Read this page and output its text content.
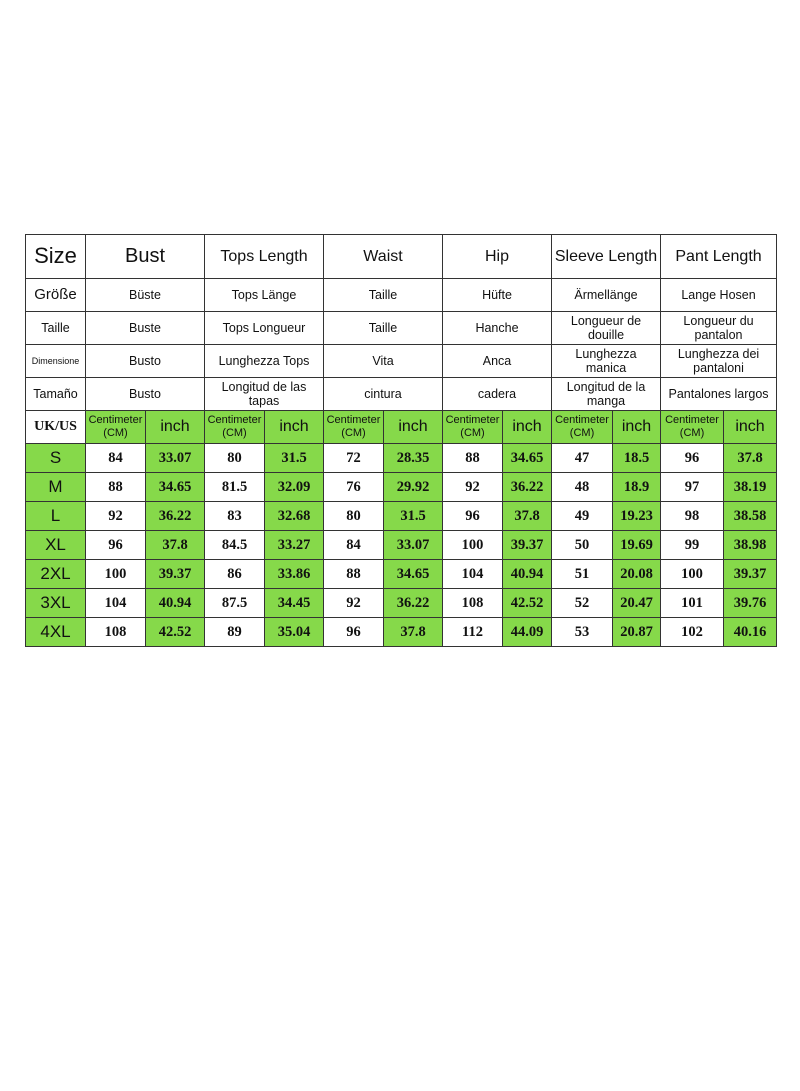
Size	Bust		Tops Length		Waist		Hip		Sleeve Length		Pant Length	
Größe	Büste		Tops Länge		Taille		Hüfte		Ärmellänge		Lange Hosen	
Taille	Buste		Tops Longueur		Taille		Hanche		Longueur de douille		Longueur du pantalon	
Dimensione	Busto		Lunghezza Tops		Vita		Anca		Lunghezza manica		Lunghezza dei pantaloni	
Tamaño	Busto		Longitud de las tapas		cintura		cadera		Longitud de la manga		Pantalones largos	
UK/US	Centimeter (CM)	inch	Centimeter (CM)	inch	Centimeter (CM)	inch	Centimeter (CM)	inch	Centimeter (CM)	inch	Centimeter (CM)	inch
S	84	33.07	80	31.5	72	28.35	88	34.65	47	18.5	96	37.8
M	88	34.65	81.5	32.09	76	29.92	92	36.22	48	18.9	97	38.19
L	92	36.22	83	32.68	80	31.5	96	37.8	49	19.23	98	38.58
XL	96	37.8	84.5	33.27	84	33.07	100	39.37	50	19.69	99	38.98
2XL	100	39.37	86	33.86	88	34.65	104	40.94	51	20.08	100	39.37
3XL	104	40.94	87.5	34.45	92	36.22	108	42.52	52	20.47	101	39.76
4XL	108	42.52	89	35.04	96	37.8	112	44.09	53	20.87	102	40.16
